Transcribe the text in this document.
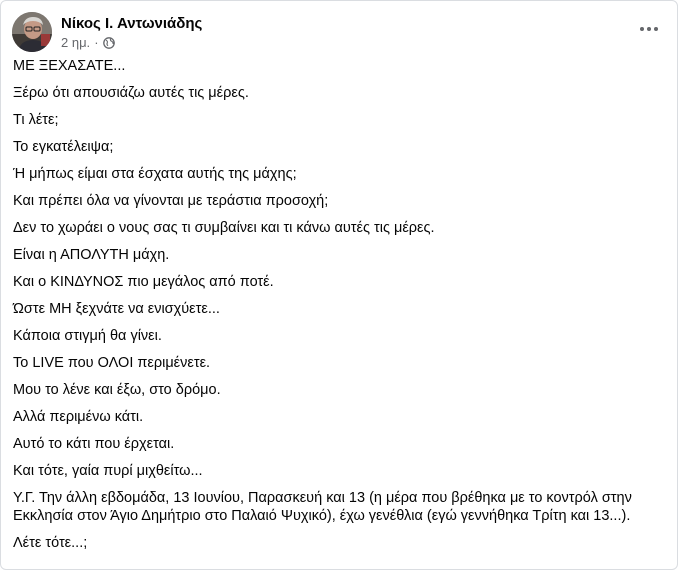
Νίκος Ι. Αντωνιάδης
2 ημ. ·
ΜΕ ΞΕΧΑΣΑΤΕ...
Ξέρω ότι απουσιάζω αυτές τις μέρες.
Τι λέτε;
Το εγκατέλειψα;
Ή μήπως είμαι στα έσχατα αυτής της μάχης;
Και πρέπει όλα να γίνονται με τεράστια προσοχή;
Δεν το χωράει ο νους σας τι συμβαίνει και τι κάνω αυτές τις μέρες.
Είναι η ΑΠΟΛΥΤΗ μάχη.
Και ο ΚΙΝΔΥΝΟΣ πιο μεγάλος από ποτέ.
Ώστε ΜΗ ξεχνάτε να ενισχύετε...
Κάποια στιγμή θα γίνει.
Το LIVE που ΟΛΟΙ περιμένετε.
Μου το λένε και έξω, στο δρόμο.
Αλλά περιμένω κάτι.
Αυτό το κάτι που έρχεται.
Και τότε, γαία πυρί μιχθείτω...
Υ.Γ. Την άλλη εβδομάδα, 13 Ιουνίου, Παρασκευή και 13 (η μέρα που βρέθηκα με το κοντρόλ στην Εκκλησία στον Άγιο Δημήτριο στο Παλαιό Ψυχικό), έχω γενέθλια (εγώ γεννήθηκα Τρίτη και 13...).
Λέτε τότε...;
